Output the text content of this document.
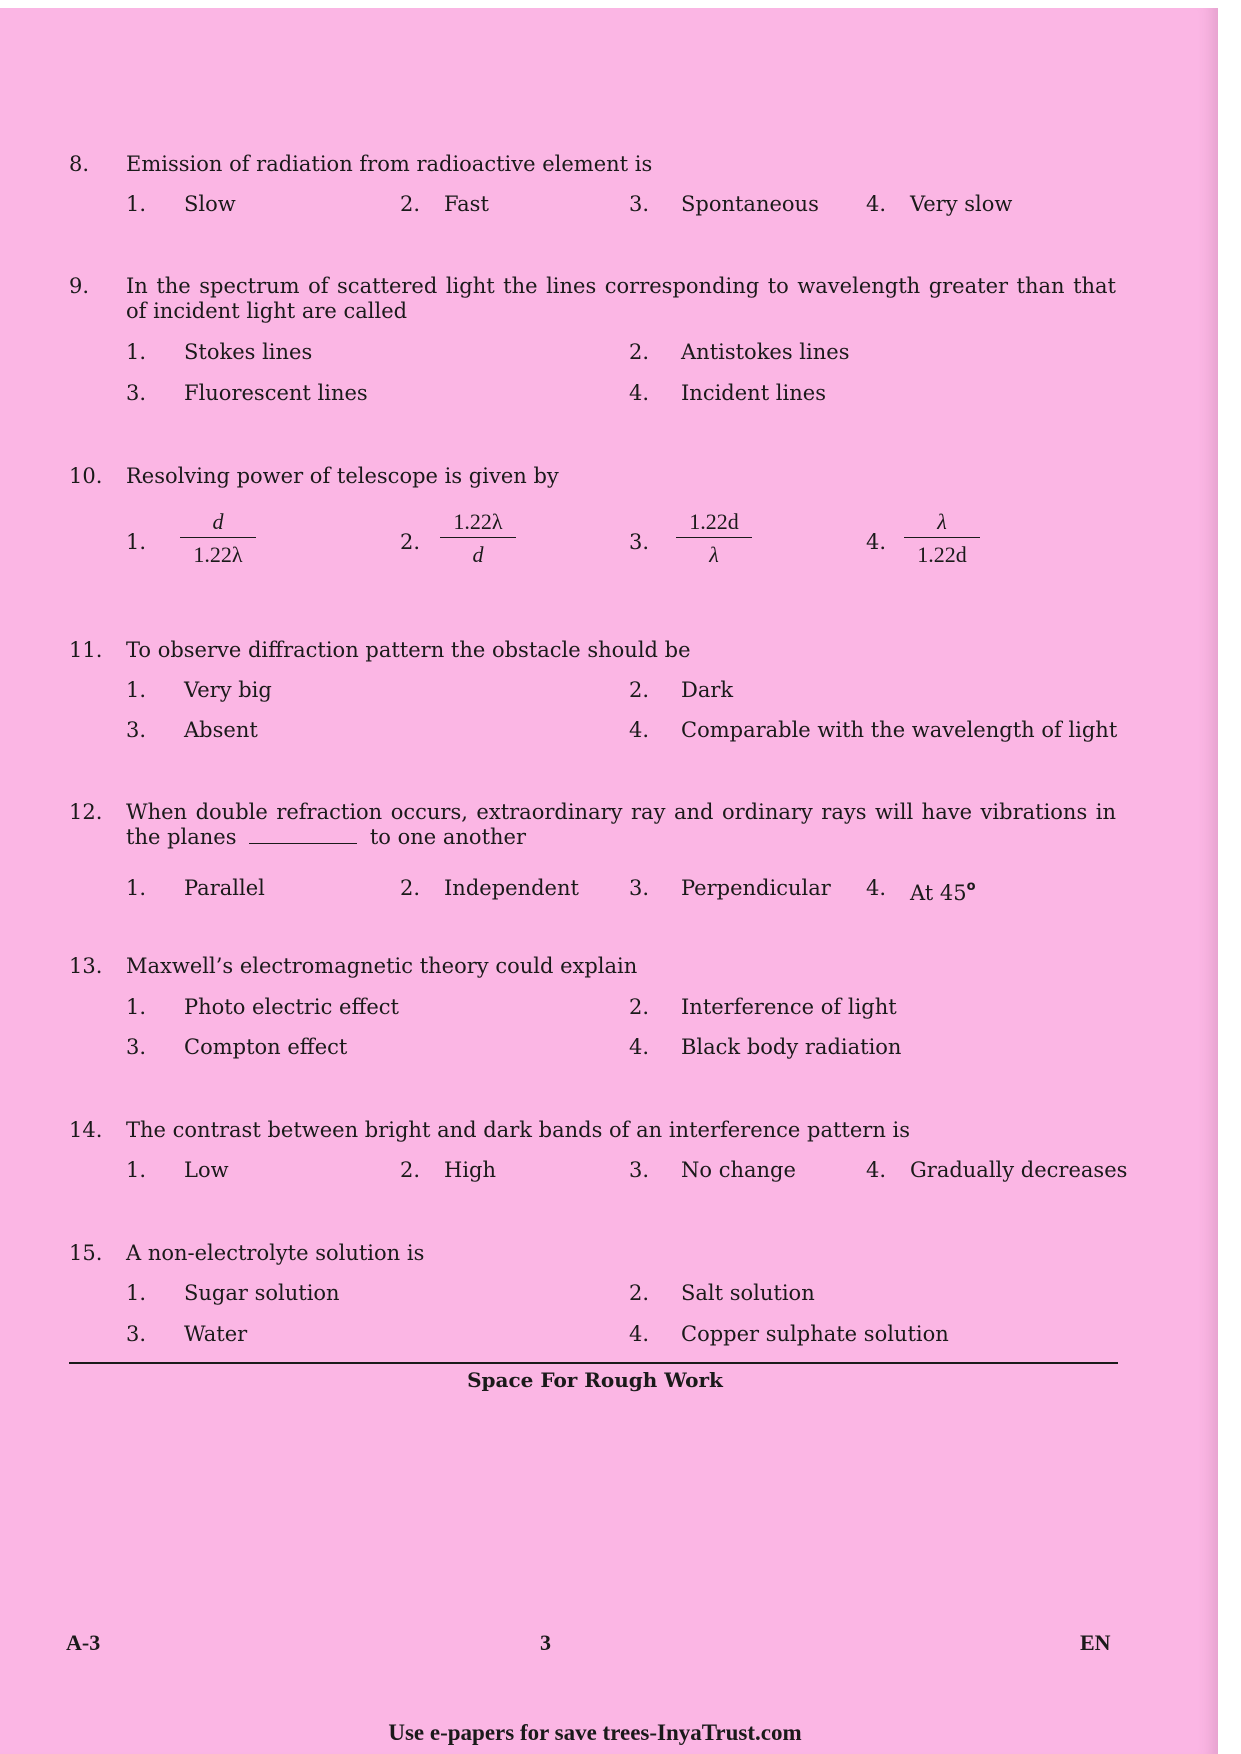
8. Emission of radiation from radioactive element is
1. Slow	2. Fast	3. Spontaneous 4. Very slow
9. In the spectrum of scattered light the lines corresponding to wavelength greater than that of incident light are called
1. Stokes lines	2. Antistokes lines
3. Fluorescent lines	4. Incident lines
10. Resolving power of telescope is given by
1.
d
1.22λ	2.
1.22λ
d	3.
1.22d
λ	4.
λ
1.22d
11. To observe diffraction pattern the obstacle should be
1. Very big	2. Dark
3. Absent	4. Comparable with the wavelength of light
12. When double refraction occurs, extraordinary ray and ordinary rays will have vibrations in the planes	to one another
1. Parallel	2. Independent 3. Perpendicular 4. At 45$^o$
13. Maxwell’s electromagnetic theory could explain
1. Photo electric effect	2. Interference of light
3. Compton effect	4. Black body radiation
14. The contrast between bright and dark bands of an interference pattern is
1. Low	2. High	3. No change	4. Gradually decreases
15. A non-electrolyte solution is
1. Sugar solution	2. Salt solution
3. Water	4. Copper sulphate solution
Space For Rough Work
A-3	3	EN
Use e-papers for save trees-InyaTrust.com
